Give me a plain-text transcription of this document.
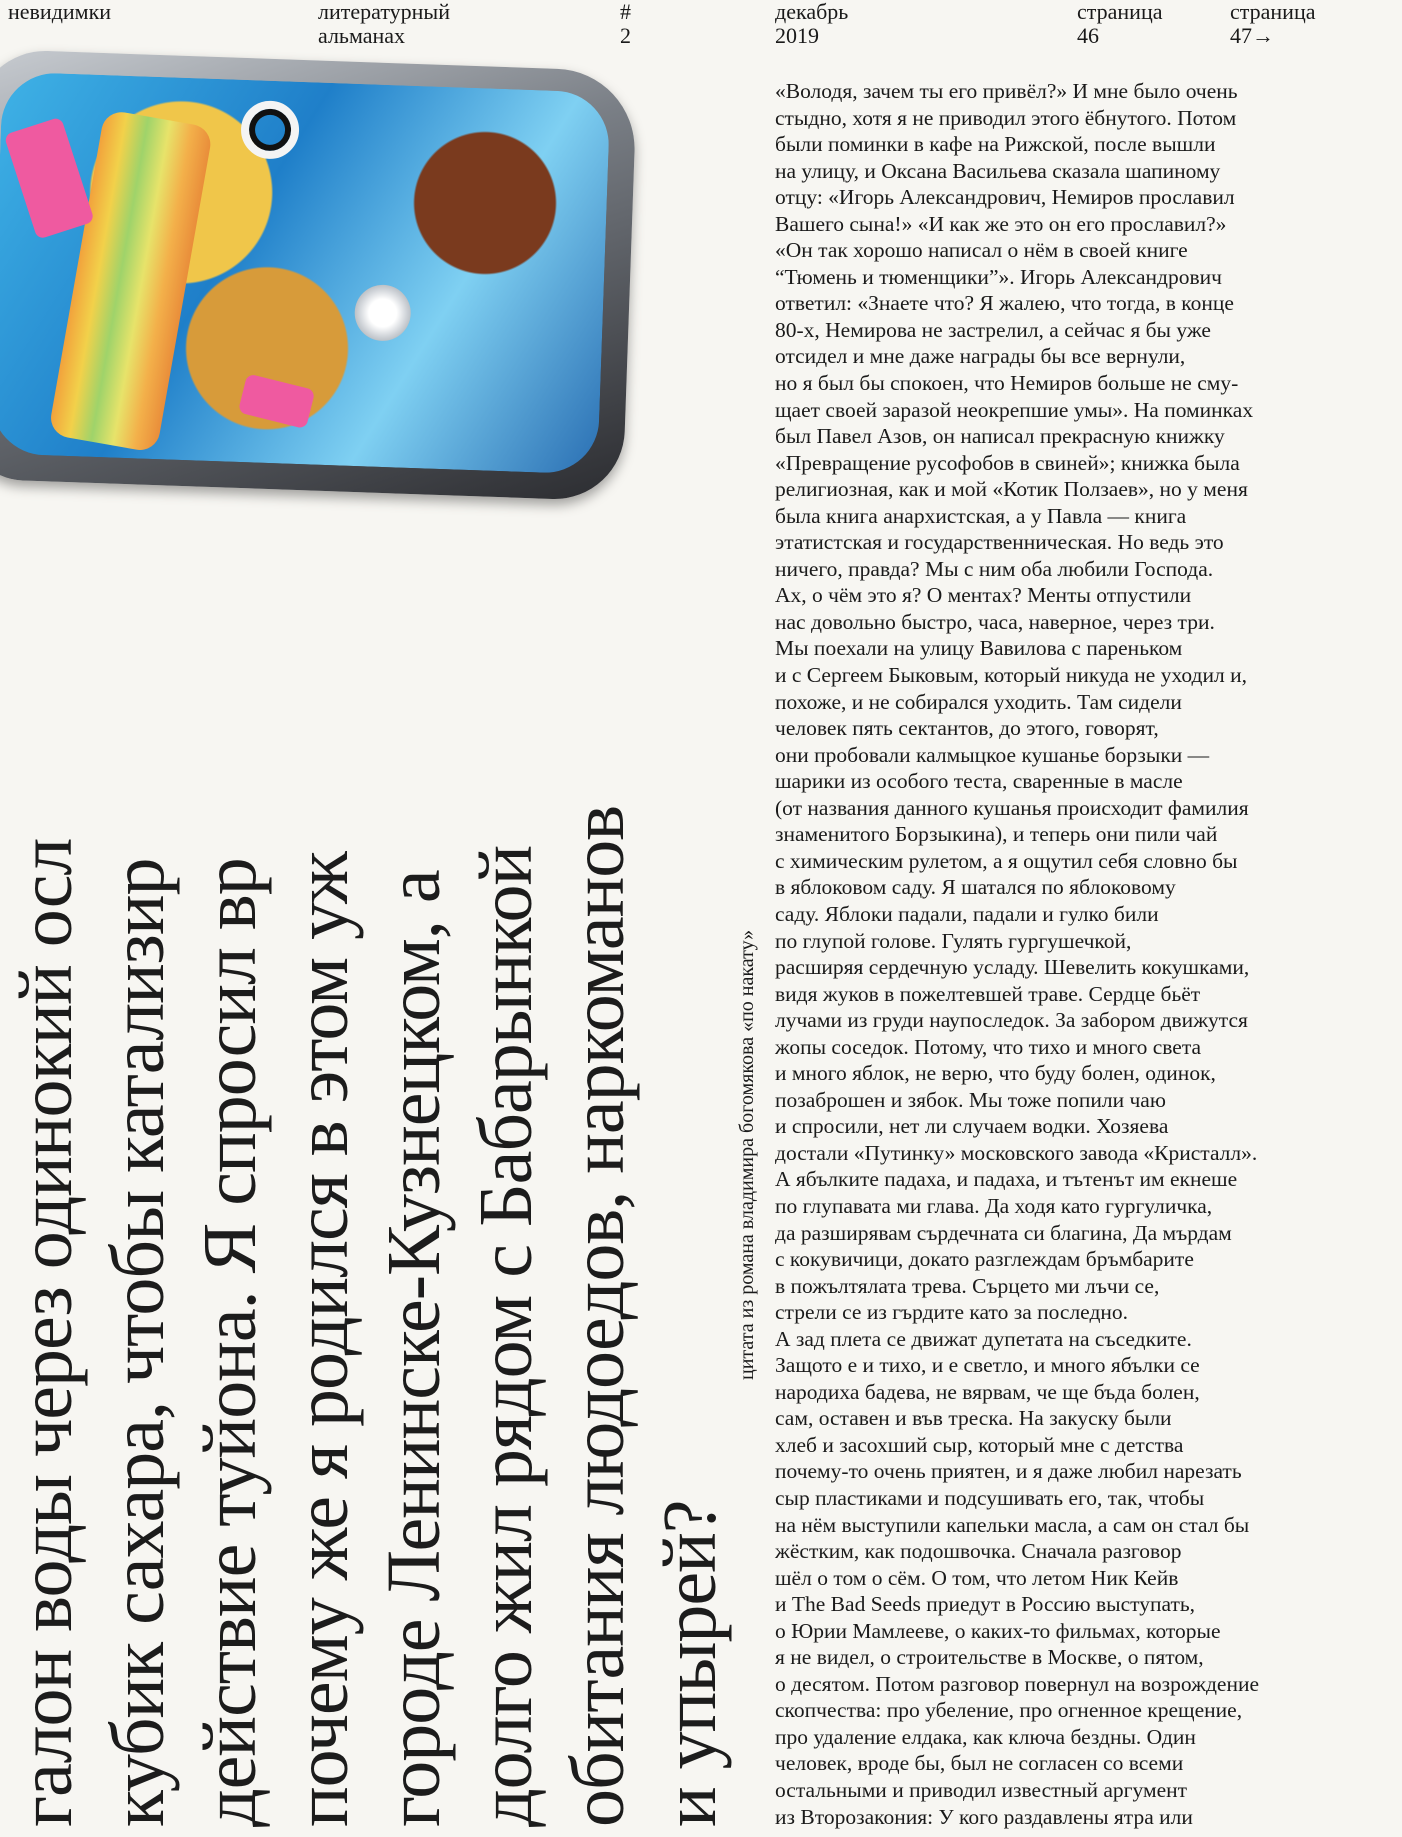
невидимки	литературный
альманах
#
2
декабрь
2019
страница
46
страница
47→
галон воды через одинокий осл кубик сахара, чтобы катализир действие туйона. Я спросил вр почему же я родился в этом уж городе Ленинске-Кузнецком, а долго жил рядом с Бабарынкой обитания людоедов, наркоманов и упырей?
цитата из романа владимира богомякова «по накату»
«Володя, зачем ты его привёл?» И мне было очень
стыдно, хотя я не приводил этого ёбнутого. Потом
были поминки в кафе на Рижской, после вышли
на улицу, и Оксана Васильева сказала шапиному
отцу: «Игорь Александрович, Немиров прославил
Вашего сына!» «И как же это он его прославил?»
«Он так хорошо написал о нём в своей книге
“Тюмень и тюменщики”». Игорь Александрович
ответил: «Знаете что? Я жалею, что тогда, в конце
80-х, Немирова не застрелил, а сейчас я бы уже
отсидел и мне даже награды бы все вернули,
но я был бы спокоен, что Немиров больше не сму-
щает своей заразой неокрепшие умы». На поминках
был Павел Азов, он написал прекрасную книжку
«Превращение русофобов в свиней»; книжка была
религиозная, как и мой «Котик Ползаев», но у меня
была книга анархистская, а у Павла — книга
этатистская и государственническая. Но ведь это
ничего, правда? Мы с ним оба любили Господа.
Ах, о чём это я? О ментах? Менты отпустили
нас довольно быстро, часа, наверное, через три.
Мы поехали на улицу Вавилова с пареньком
и с Сергеем Быковым, который никуда не уходил и,
похоже, и не собирался уходить. Там сидели
человек пять сектантов, до этого, говорят,
они пробовали калмыцкое кушанье борзыки —
шарики из особого теста, сваренные в масле
(от названия данного кушанья происходит фамилия
знаменитого Борзыкина), и теперь они пили чай
с химическим рулетом, а я ощутил себя словно бы
в яблоковом саду. Я шатался по яблоковому
саду. Яблоки падали, падали и гулко били
по глупой голове. Гулять гургушечкой,
расширяя сердечную усладу. Шевелить кокушками,
видя жуков в пожелтевшей траве. Сердце бьёт
лучами из груди наупоследок. За забором движутся
жопы соседок. Потому, что тихо и много света
и много яблок, не верю, что буду болен, одинок,
позаброшен и зябок. Мы тоже попили чаю
и спросили, нет ли случаем водки. Хозяева
достали «Путинку» московского завода «Кристалл».
А ябълките падаха, и падаха, и тътенът им екнеше
по глупавата ми глава. Да ходя като гургуличка,
да разширявам сърдечната си благина, Да мърдам
с кокувичици, докато разглеждам бръмбарите
в пожълтялата трева. Сърцето ми лъчи се,
стрели се из гърдите като за последно.
А зад плета се движат дупетата на съседките.
Защото е и тихо, и е светло, и много ябълки се
народиха бадева, не вярвам, че ще бъда болен,
сам, оставен и във треска. На закуску были
хлеб и засохший сыр, который мне с детства
почему-то очень приятен, и я даже любил нарезать
сыр пластиками и подсушивать его, так, чтобы
на нём выступили капельки масла, а сам он стал бы
жёстким, как подошвочка. Сначала разговор
шёл о том о сём. О том, что летом Ник Кейв
и The Bad Seeds приедут в Россию выступать,
о Юрии Мамлееве, о каких-то фильмах, которые
я не видел, о строительстве в Москве, о пятом,
о десятом. Потом разговор повернул на возрождение
скопчества: про убеление, про огненное крещение,
про удаление елдака, как ключа бездны. Один
человек, вроде бы, был не согласен со всеми
остальными и приводил известный аргумент
из Второзакония: У кого раздавлены ятра или
